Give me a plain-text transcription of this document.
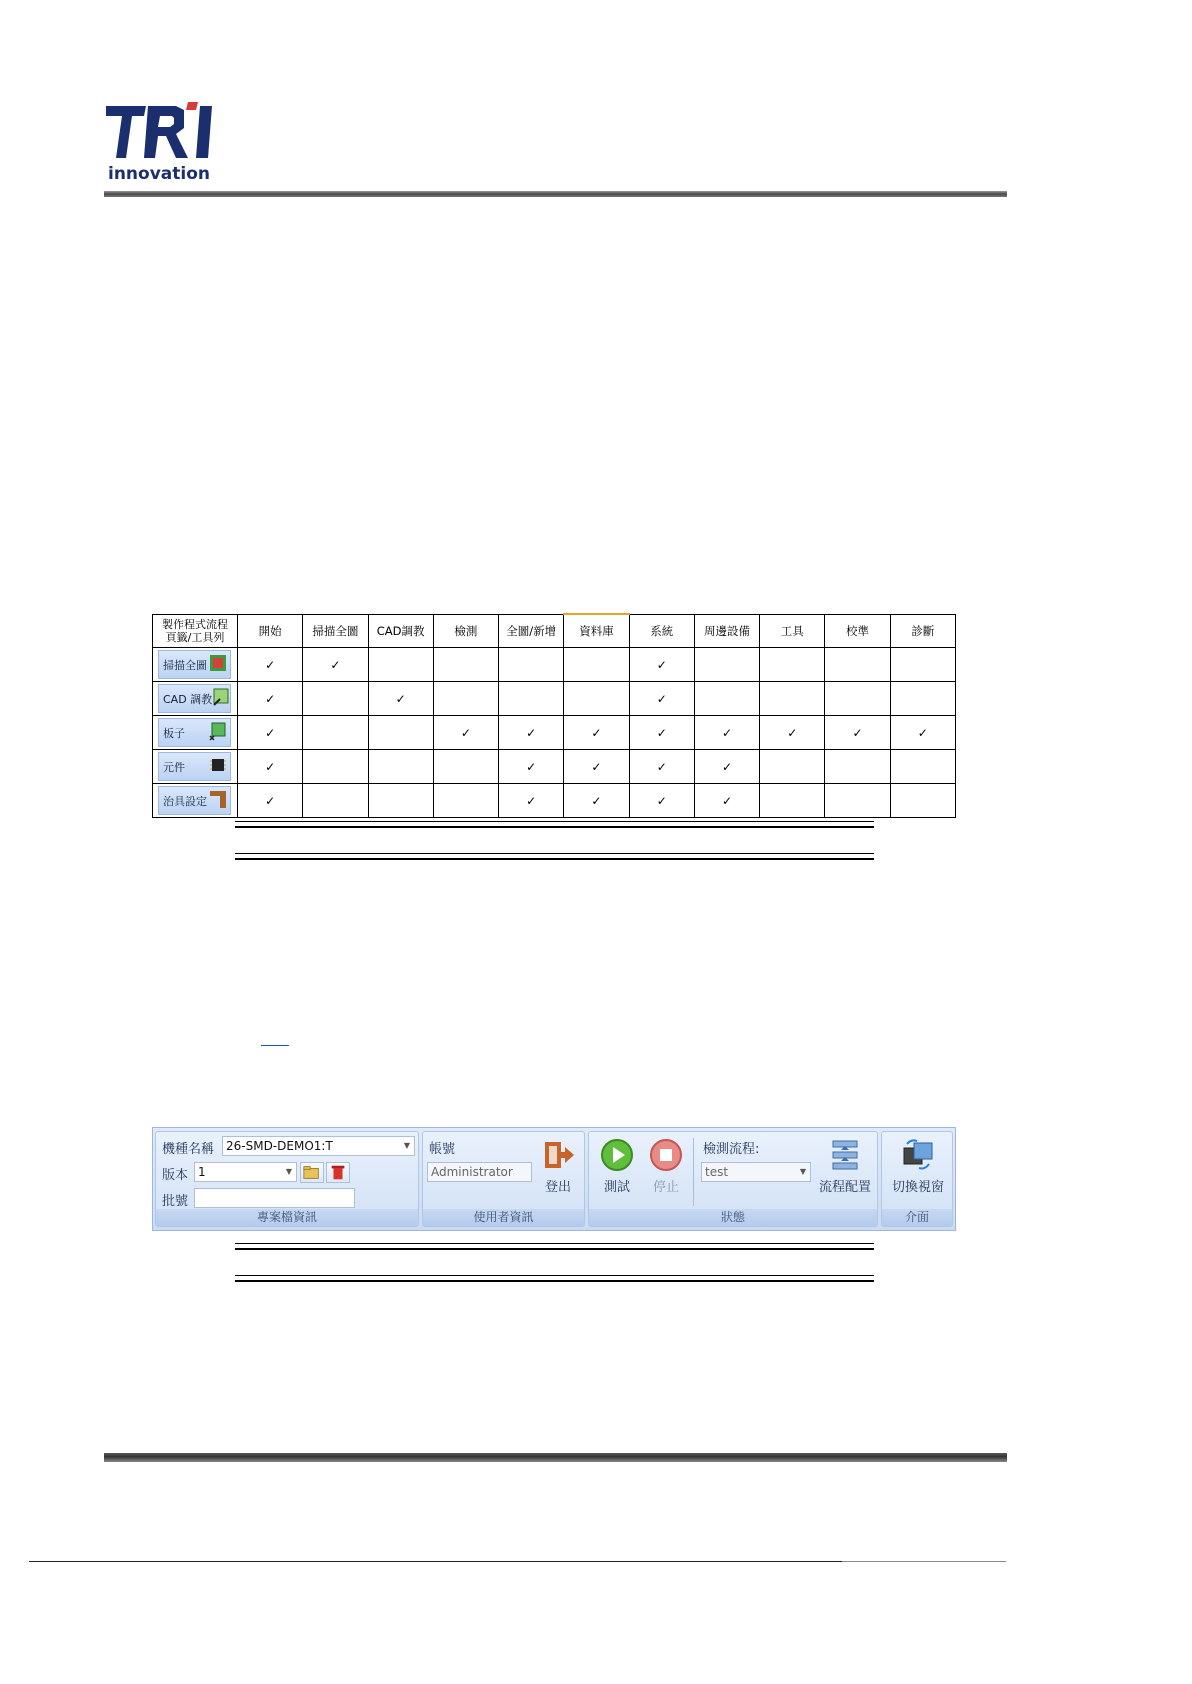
innovation
製作程式流程
頁籤/工具列	開始	掃描全圖	CAD調教	檢測	全圖/新增	資料庫	系統	周邊設備	工具	校準	診斷

掃描全圖	✓	✓					✓				

CAD 調教	✓		✓				✓				

板子	✓			✓	✓	✓	✓	✓	✓	✓	✓

元件	✓				✓	✓	✓	✓			

治具設定	✓				✓	✓	✓	✓			
機種名稱 26-SMD-DEMO1:T	▼
版本 1	▼
批號
專案檔資訊
帳號
Administrator
登出
使用者資訊
測試	停止
檢測流程:
test	▼
流程配置
狀態
切換視窗
介面
